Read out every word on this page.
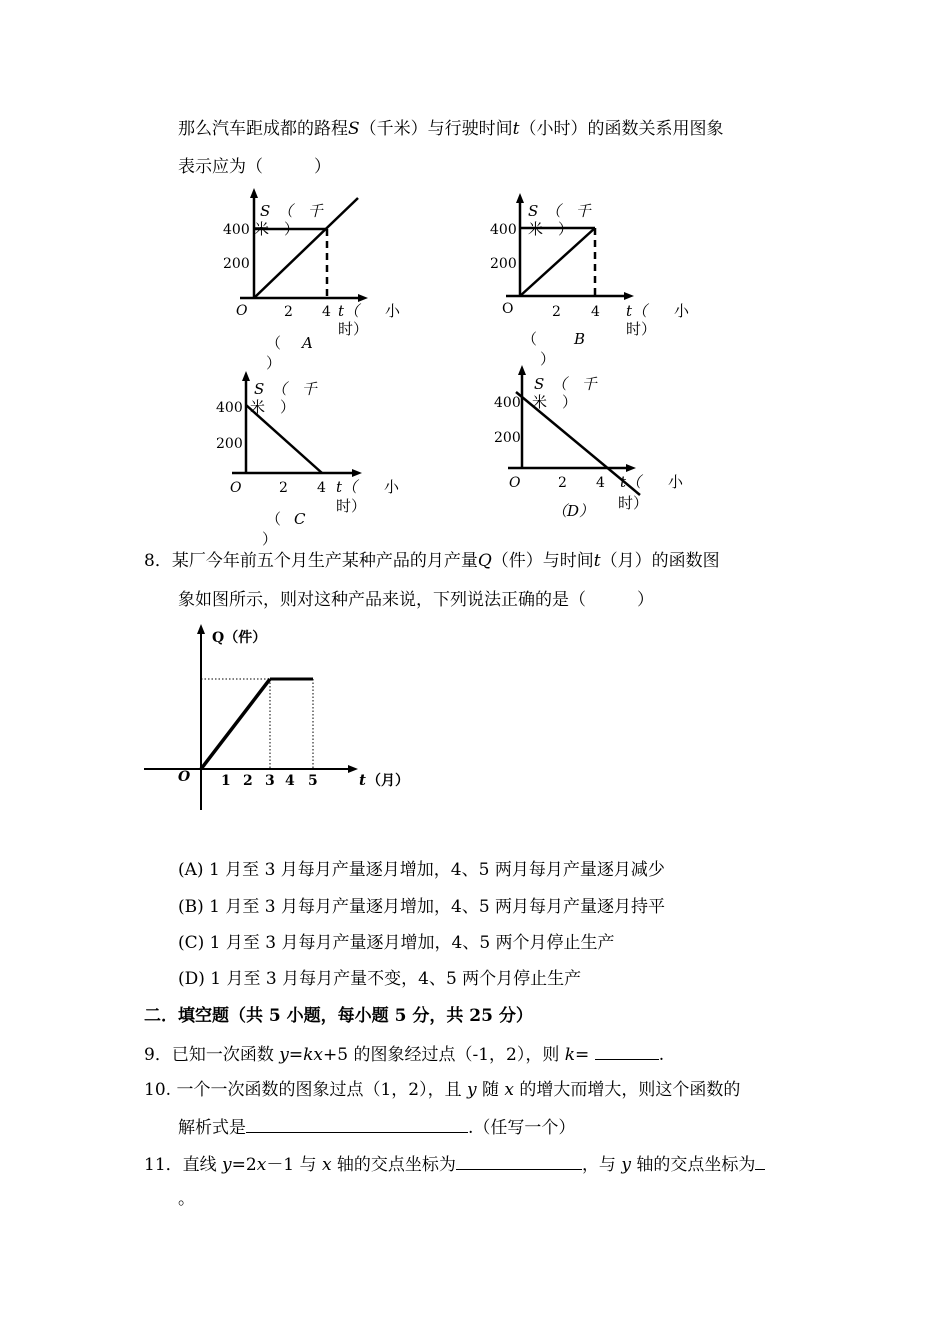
那么汽车距成都的路程S（千米）与行驶时间t（小时）的函数关系用图象
表示应为（　　　）
S　（　千
米　）
400
200
O	2 4 t（ 小
时）
（ A
）
S　（　千
米　）
400
200
O	2 4 t（ 小
时）
（ B
）
S　（　千
米　）
400
200
O	2 4 t（ 小
时）
（ C
）
S　（　千
米　）
400
200
O	2 4 t（ 小
时）
（D）
8．某厂今年前五个月生产某种产品的月产量Q（件）与时间t（月）的函数图
象如图所示，则对这种产品来说，下列说法正确的是（　　　）
Q（件）
O 1 2 3 4 5	t （月）
(A) 1 月至 3 月每月产量逐月增加，4、5 两月每月产量逐月减少
(B) 1 月至 3 月每月产量逐月增加，4、5 两月每月产量逐月持平
(C) 1 月至 3 月每月产量逐月增加，4、5 两个月停止生产
(D) 1 月至 3 月每月产量不变，4、5 两个月停止生产
二．填空题（共 5 小题，每小题 5 分，共 25 分）
9．已知一次函数 y=kx+5 的图象经过点（-1，2），则 k=	.
10. 一个一次函数的图象过点（1，2），且 y 随 x 的增大而增大，则这个函数的
解析式是	.（任写一个）
11．直线 y=2x－1 与 x 轴的交点坐标为	，与 y 轴的交点坐标为
。
